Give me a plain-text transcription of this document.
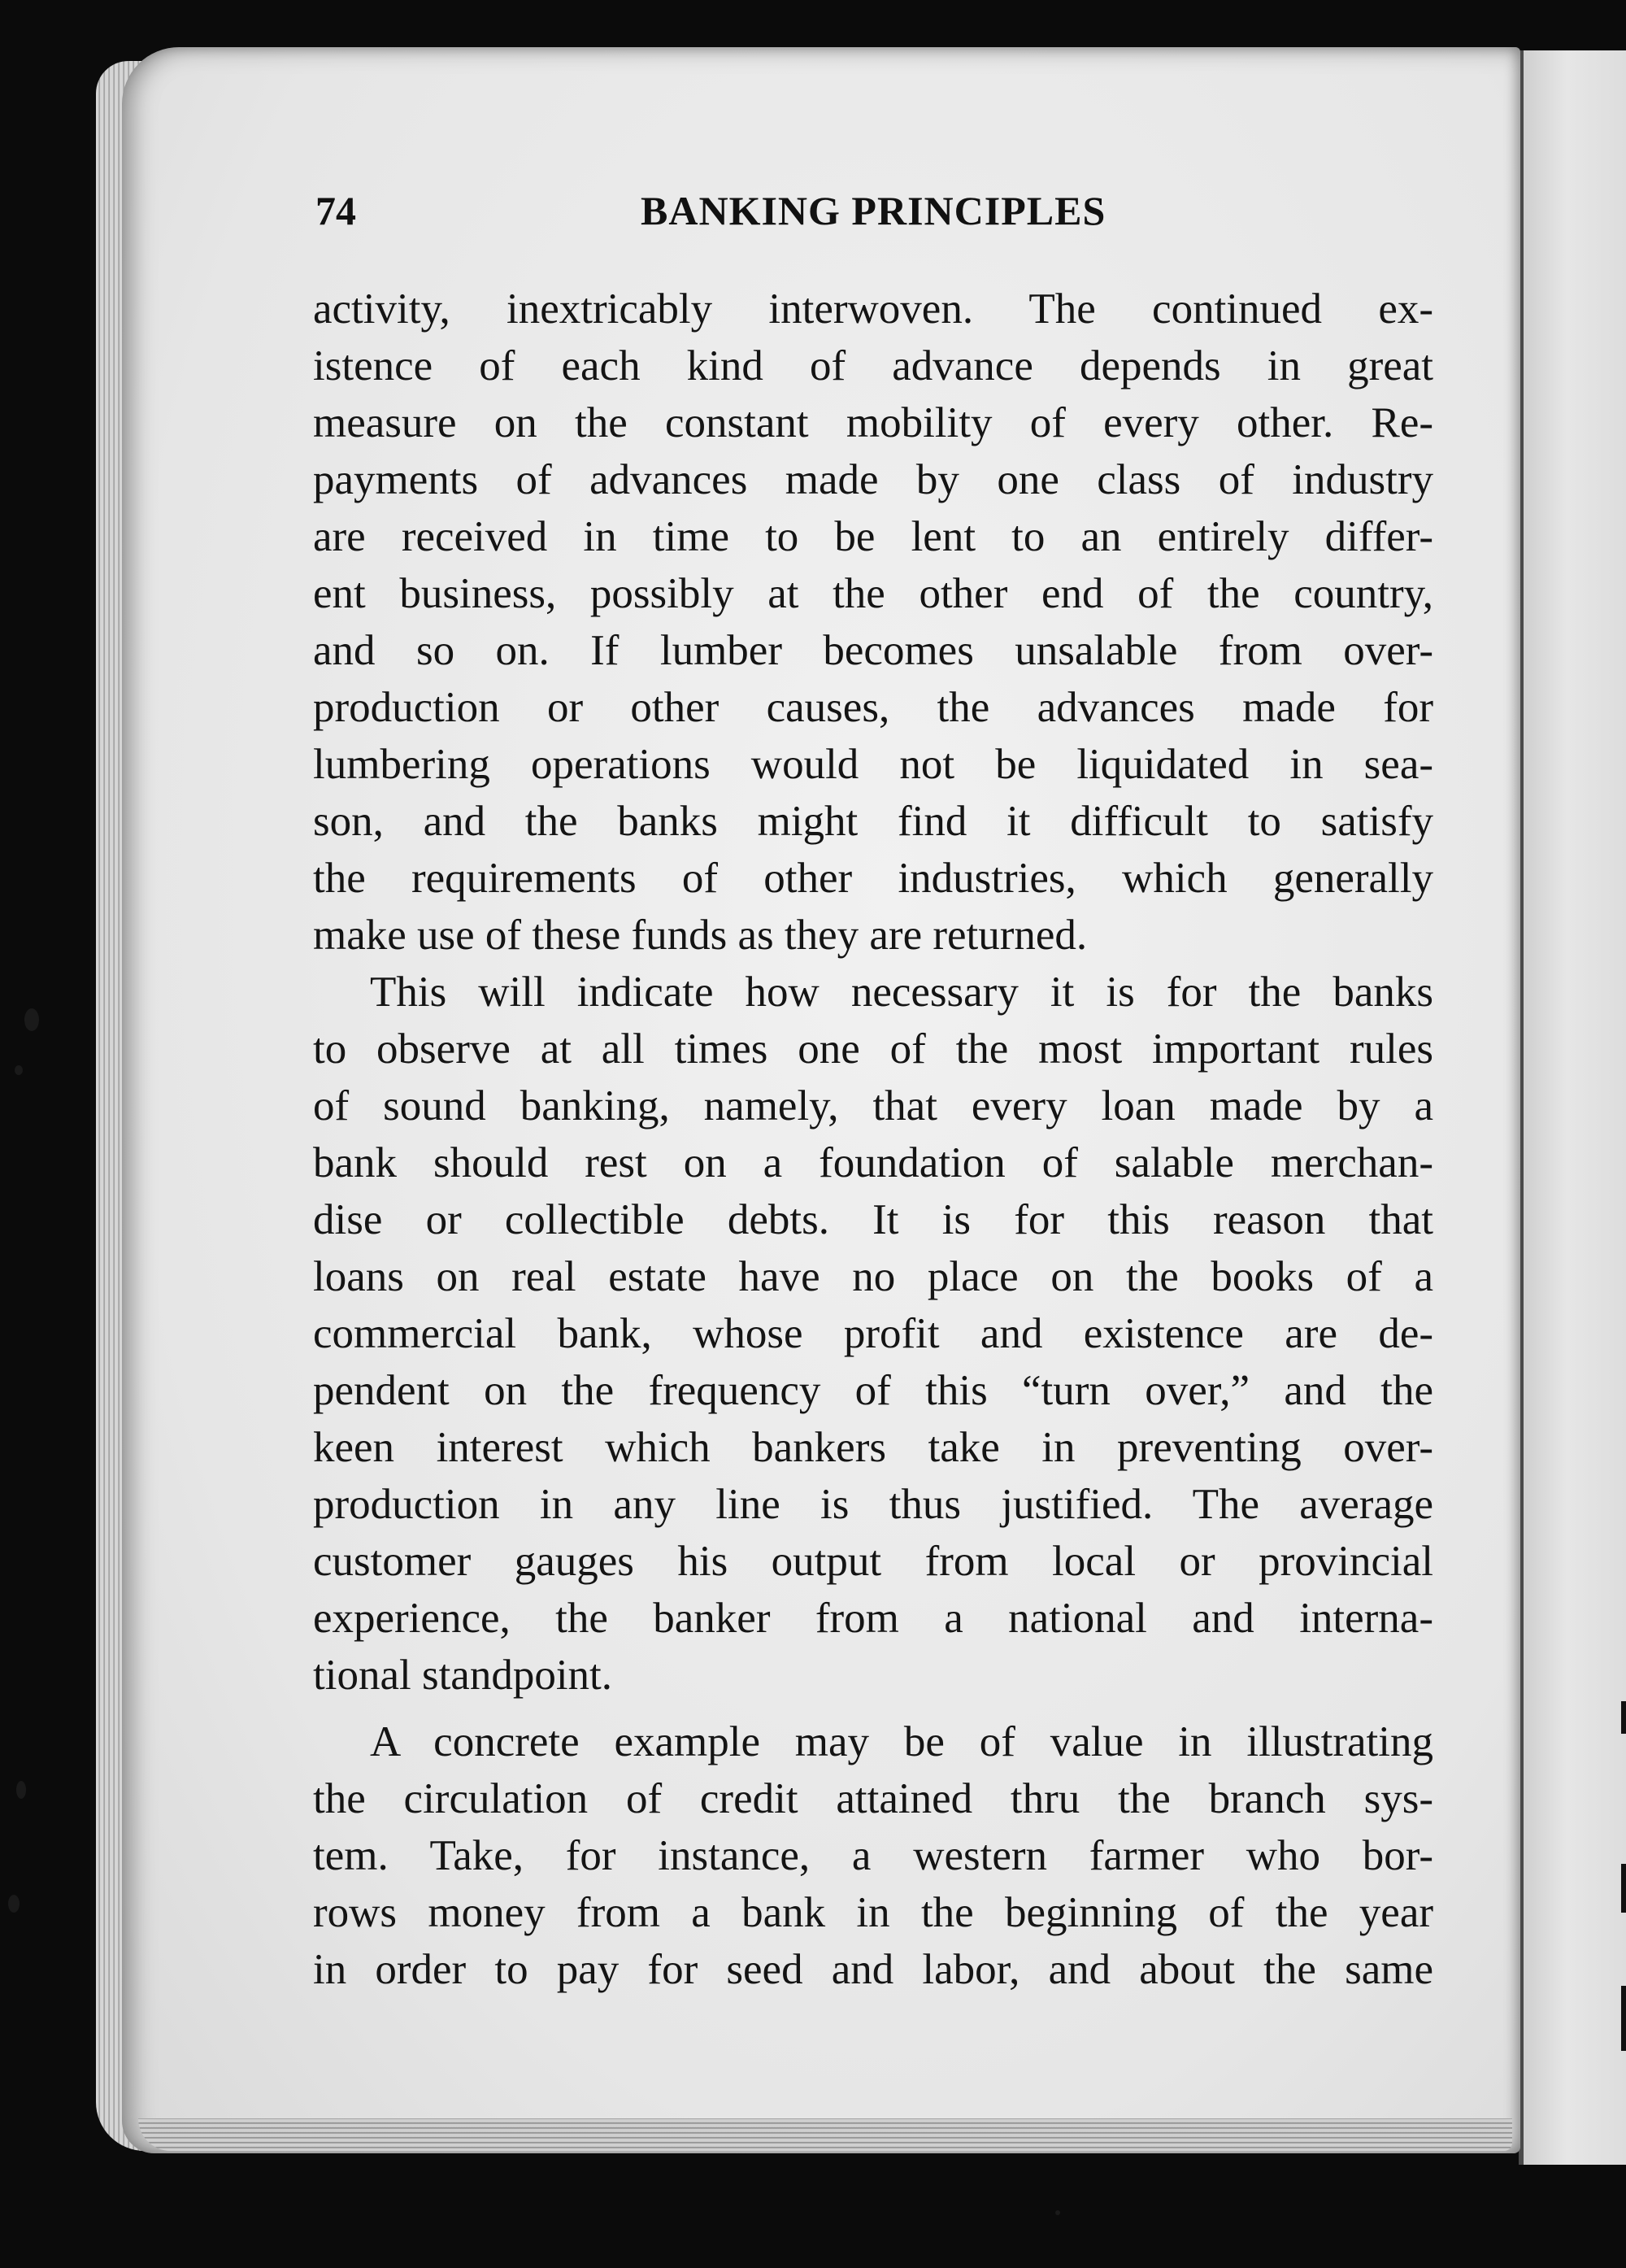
74	BANKING PRINCIPLES
activity, inextricably interwoven. The continued ex-
istence of each kind of advance depends in great
measure on the constant mobility of every other. Re-
payments of advances made by one class of industry
are received in time to be lent to an entirely differ-
ent business, possibly at the other end of the country,
and so on. If lumber becomes unsalable from over-
production or other causes, the advances made for
lumbering operations would not be liquidated in sea-
son, and the banks might find it difficult to satisfy
the requirements of other industries, which generally
make use of these funds as they are returned.
This will indicate how necessary it is for the banks
to observe at all times one of the most important rules
of sound banking, namely, that every loan made by a
bank should rest on a foundation of salable merchan-
dise or collectible debts. It is for this reason that
loans on real estate have no place on the books of a
commercial bank, whose profit and existence are de-
pendent on the frequency of this “turn over,” and the
keen interest which bankers take in preventing over-
production in any line is thus justified. The average
customer gauges his output from local or provincial
experience, the banker from a national and interna-
tional standpoint.
A concrete example may be of value in illustrating
the circulation of credit attained thru the branch sys-
tem. Take, for instance, a western farmer who bor-
rows money from a bank in the beginning of the year
in order to pay for seed and labor, and about the same
